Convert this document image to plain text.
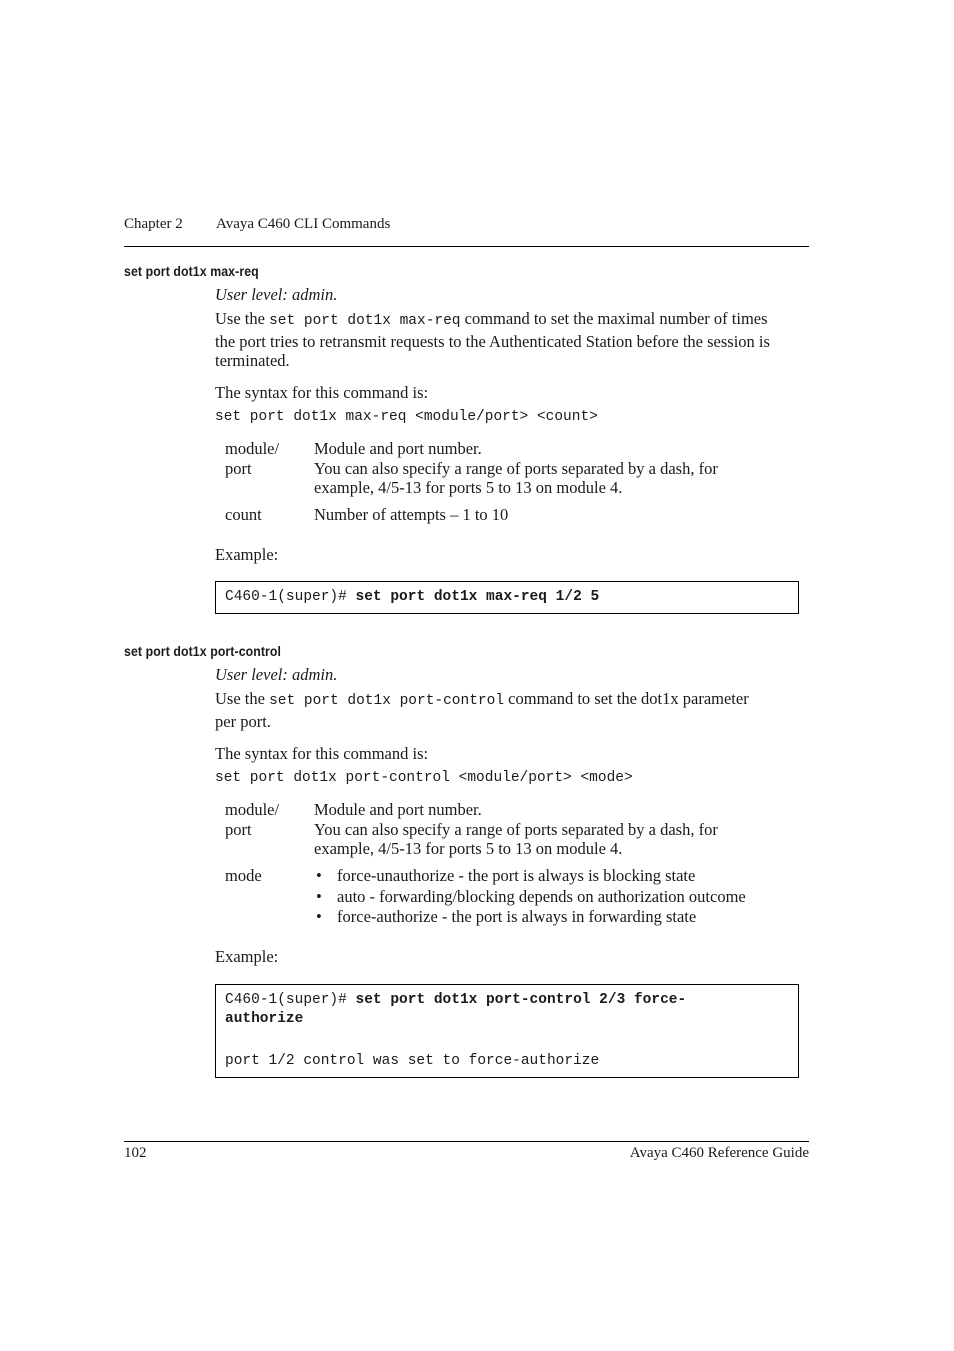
Chapter 2 Avaya C460 CLI Commands
set port dot1x max-req
User level: admin.
Use the set port dot1x max-req command to set the maximal number of times
the port tries to retransmit requests to the Authenticated Station before the session is
terminated.
The syntax for this command is:
set port dot1x max-req <module/port> <count>
module/
port
Module and port number.
You can also specify a range of ports separated by a dash, for
example, 4/5-13 for ports 5 to 13 on module 4.
count	Number of attempts – 1 to 10
Example:
C460-1(super)# set port dot1x max-req 1/2 5
set port dot1x port-control
User level: admin.
Use the set port dot1x port-control command to set the dot1x parameter
per port.
The syntax for this command is:
set port dot1x port-control <module/port> <mode>
module/
port
Module and port number.
You can also specify a range of ports separated by a dash, for
example, 4/5-13 for ports 5 to 13 on module 4.
mode
•	force-unauthorize - the port is always is blocking state
• auto - forwarding/blocking depends on authorization outcome
• force-authorize - the port is always in forwarding state
Example:
C460-1(super)# set port dot1x port-control 2/3 force-
authorize
port 1/2 control was set to force-authorize
102	Avaya C460 Reference Guide
